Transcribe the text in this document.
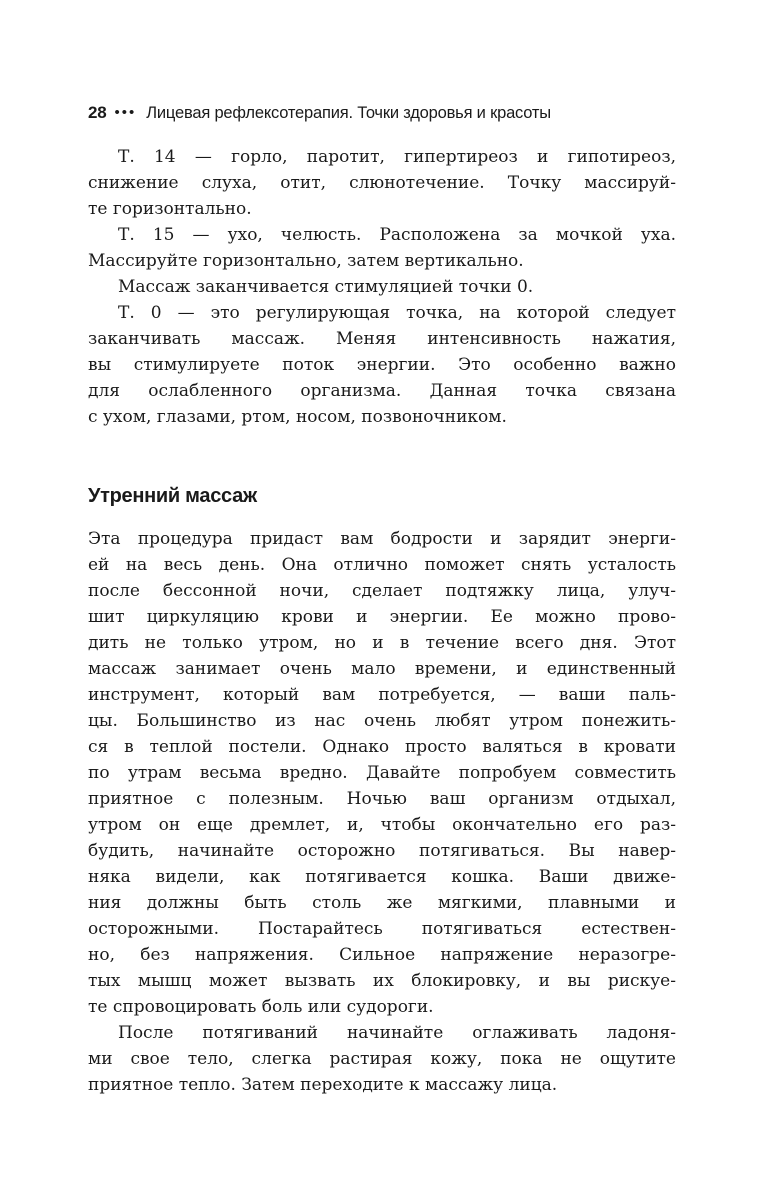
28 ••• Лицевая рефлексотерапия. Точки здоровья и красоты
Т. 14 — горло, паротит, гипертиреоз и гипотиреоз,
снижение слуха, отит, слюнотечение. Точку массируй-
те горизонтально.
Т. 15 — ухо, челюсть. Расположена за мочкой уха.
Массируйте горизонтально, затем вертикально.
Массаж заканчивается стимуляцией точки 0.
Т. 0 — это регулирующая точка, на которой следует
заканчивать массаж. Меняя интенсивность нажатия,
вы стимулируете поток энергии. Это особенно важно
для ослабленного организма. Данная точка связана
с ухом, глазами, ртом, носом, позвоночником.
Утренний массаж
Эта процедура придаст вам бодрости и зарядит энерги-
ей на весь день. Она отлично поможет снять усталость
после бессонной ночи, сделает подтяжку лица, улуч-
шит циркуляцию крови и энергии. Ее можно прово-
дить не только утром, но и в течение всего дня. Этот
массаж занимает очень мало времени, и единственный
инструмент, который вам потребуется, — ваши паль-
цы. Большинство из нас очень любят утром понежить-
ся в теплой постели. Однако просто валяться в кровати
по утрам весьма вредно. Давайте попробуем совместить
приятное с полезным. Ночью ваш организм отдыхал,
утром он еще дремлет, и, чтобы окончательно его раз-
будить, начинайте осторожно потягиваться. Вы навер-
няка видели, как потягивается кошка. Ваши движе-
ния должны быть столь же мягкими, плавными и
осторожными. Постарайтесь потягиваться естествен-
но, без напряжения. Сильное напряжение неразогре-
тых мышц может вызвать их блокировку, и вы рискуе-
те спровоцировать боль или судороги.
После потягиваний начинайте оглаживать ладоня-
ми свое тело, слегка растирая кожу, пока не ощутите
приятное тепло. Затем переходите к массажу лица.
